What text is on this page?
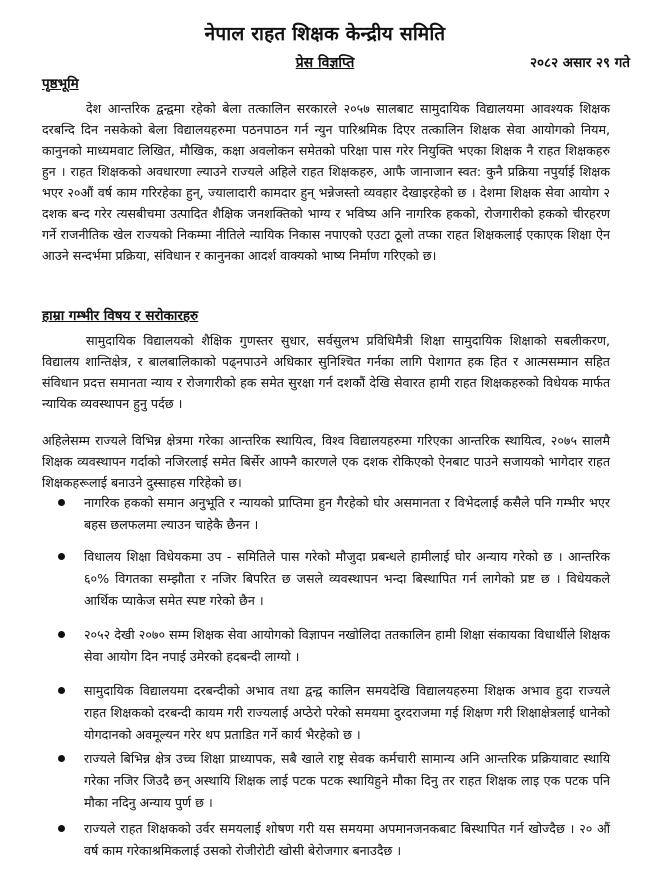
नेपाल राहत शिक्षक केन्द्रीय समिति
प्रेस विज्ञप्ति	२०८२ असार २९ गते
पृष्ठभूमि

देश आन्तरिक द्वन्द्वमा रहेको बेला तत्कालिन सरकारले २०५७ सालबाट सामुदायिक विद्यालयमा आवश्यक शिक्षक दरबन्दि दिन नसकेको बेला विद्यालयहरुमा पठनपाठन गर्न न्युन पारिश्रमिक दिएर तत्कालिन शिक्षक सेवा आयोगको नियम, कानुनको माध्यमवाट लिखित, मौखिक, कक्षा अवलोकन समेतको परिक्षा पास गरेर नियुक्ति भएका शिक्षक नै राहत शिक्षकहरु हुन । राहत शिक्षकको अवधारणा ल्याउने राज्यले अहिले राहत शिक्षकहरु, आफै जानाजान स्वत: कुनै प्रक्रिया नपुर्याई शिक्षक भएर २०औं वर्ष काम गरिरहेका हुन्, ज्यालादारी कामदार हुन् भन्नेजस्तो व्यवहार देखाइरहेको छ । देशमा शिक्षक सेवा आयोग २ दशक बन्द गरेर त्यसबीचमा उत्पादित शैक्षिक जनशक्तिको भाग्य र भविष्य अनि नागरिक हकको, रोजगारीको हकको चीरहरण गर्ने राजनीतिक खेल राज्यको निकम्मा नीतिले न्यायिक निकास नपाएको एउटा ठूलो तप्का राहत शिक्षकलाई एकाएक शिक्षा ऐन आउने सन्दर्भमा प्रक्रिया, संविधान र कानुनका आदर्श वाक्यको भाष्य निर्माण गरिएको छ।

हाम्रा गम्भीर विषय र सरोकारहरु

सामुदायिक विद्यालयको शैक्षिक गुणस्तर सुधार, सर्वसुलभ प्रविधिमैत्री शिक्षा सामुदायिक शिक्षाको सबलीकरण, विद्यालय शान्तिक्षेत्र, र बालबालिकाको पढ्नपाउने अधिकार सुनिश्चित गर्नका लागि पेशागत हक हित र आत्मसम्मान सहित संविधान प्रदत्त समानता न्याय र रोजगारीको हक समेत सुरक्षा गर्न दशकौं देखि सेवारत हामी राहत शिक्षकहरुको विधेयक मार्फत न्यायिक व्यवस्थापन हुनु पर्दछ ।

अहिलेसम्म राज्यले विभिन्न क्षेत्रमा गरेका आन्तरिक स्थायित्व, विश्व विद्यालयहरुमा गरिएका आन्तरिक स्थायित्व, २०७५ सालमै शिक्षक व्यवस्थापन गर्दाको नजिरलाई समेत बिर्सेर आफ्नै कारणले एक दशक रोकिएको ऐनबाट पाउने सजायको भागेदार राहत शिक्षकहरूलाई बनाउने दुस्साहस गरिहेको छ।

नागरिक हकको समान अनुभूति र न्यायको प्राप्तिमा हुन गैरहेको घोर असमानता र विभेदलाई कसैले पनि गम्भीर भएर बहस छलफलमा ल्याउन चाहेकै छैनन ।
विधालय शिक्षा विधेयकमा उप - समितिले पास गरेको मौजुदा प्रबन्धले हामीलाई घोर अन्याय गरेको छ । आन्तरिक ६०% विगतका सम्झौता र नजिर बिपरित छ जसले व्यवस्थापन भन्दा बिस्थापित गर्न लागेको प्रष्ट छ । विधेयकले आर्थिक प्याकेज समेत स्पष्ट गरेको छैन ।
२०५२ देखी २०७० सम्म शिक्षक सेवा आयोगको विज्ञापन नखोलिदा ततकालिन हामी शिक्षा संकायका विधार्थीले शिक्षक सेवा आयोग दिन नपाई उमेरको हदबन्दी लाग्यो ।
सामुदायिक विद्यालयमा दरबन्दीको अभाव तथा द्वन्द्व कालिन समयदेखि विद्यालयहरुमा शिक्षक अभाव हुदा राज्यले राहत शिक्षकको दरबन्दी कायम गरी राज्यलाई अप्ठेरो परेको समयमा दुरदराजमा गई शिक्षण गरी शिक्षाक्षेत्रलाई धानेको योगदानको अवमूल्यन गरेर थप प्रताडित गर्ने कार्य भैरहेको छ ।
राज्यले बिभिन्न क्षेत्र उच्च शिक्षा प्राध्यापक, सबै खाले राष्ट्र सेवक कर्मचारी सामान्य अनि आन्तरिक प्रक्रियावाट स्थायि गरेका नजिर जिउदै छन् अस्थायि शिक्षक लाई पटक पटक स्थायिहुने मौका दिनु तर राहत शिक्षक लाइ एक पटक पनि मौका नदिनु अन्याय पुर्ण छ ।
राज्यले राहत शिक्षकको उर्वर समयलाई शोषण गरी यस समयमा अपमानजनकबाट बिस्थापित गर्न खोज्दैछ । २० औं वर्ष काम गरेकाश्रमिकलाई उसको रोजीरोटी खोसी बेरोजगार बनाउदैछ ।
